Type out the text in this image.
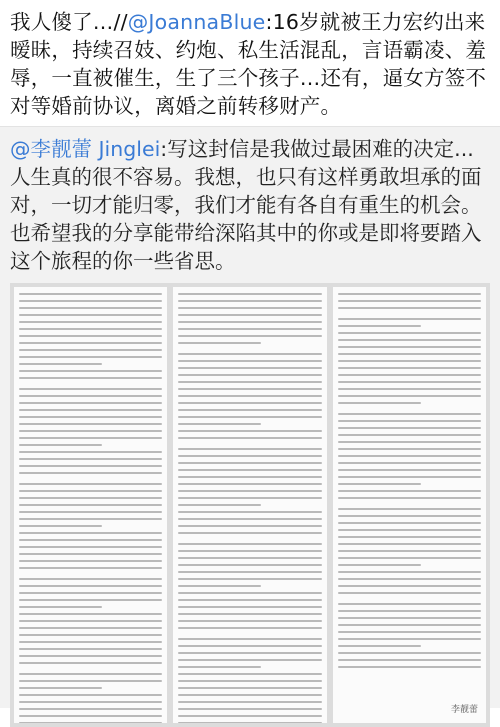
我人傻了…//@JoannaBlue:16岁就被王力宏约出来暧昧，持续召妓、约炮、私生活混乱，言语霸凌、羞辱，一直被催生，生了三个孩子…还有，逼女方签不对等婚前协议，离婚之前转移财产。

@李靓蕾 Jinglei:写这封信是我做过最困难的决定...人生真的很不容易。我想，也只有这样勇敢坦承的面对，一切才能归零，我们才能有各自有重生的机会。也希望我的分享能带给深陷其中的你或是即将要踏入这个旅程的你一些省思。

李靓蕾
